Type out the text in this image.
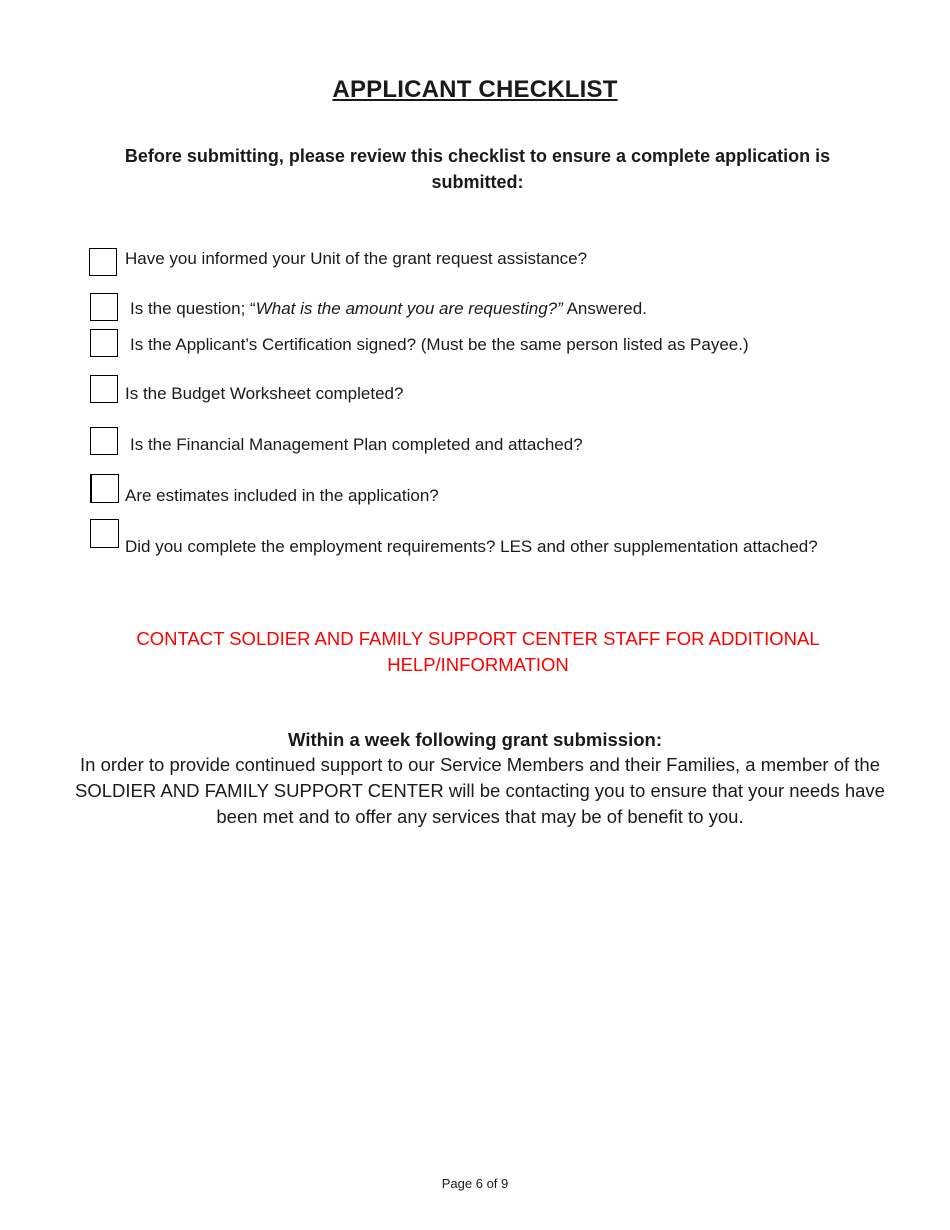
APPLICANT CHECKLIST
Before submitting, please review this checklist to ensure a complete application is submitted:
Have you informed your Unit of the grant request assistance?
Is the question; “What is the amount you are requesting?” Answered.
Is the Applicant’s Certification signed? (Must be the same person listed as Payee.)
Is the Budget Worksheet completed?
Is the Financial Management Plan completed and attached?
Are estimates included in the application?
Did you complete the employment requirements? LES and other supplementation attached?
CONTACT SOLDIER AND FAMILY SUPPORT CENTER STAFF FOR ADDITIONAL HELP/INFORMATION
Within a week following grant submission:
In order to provide continued support to our Service Members and their Families, a member of the SOLDIER AND FAMILY SUPPORT CENTER will be contacting you to ensure that your needs have been met and to offer any services that may be of benefit to you.
Page 6 of 9
